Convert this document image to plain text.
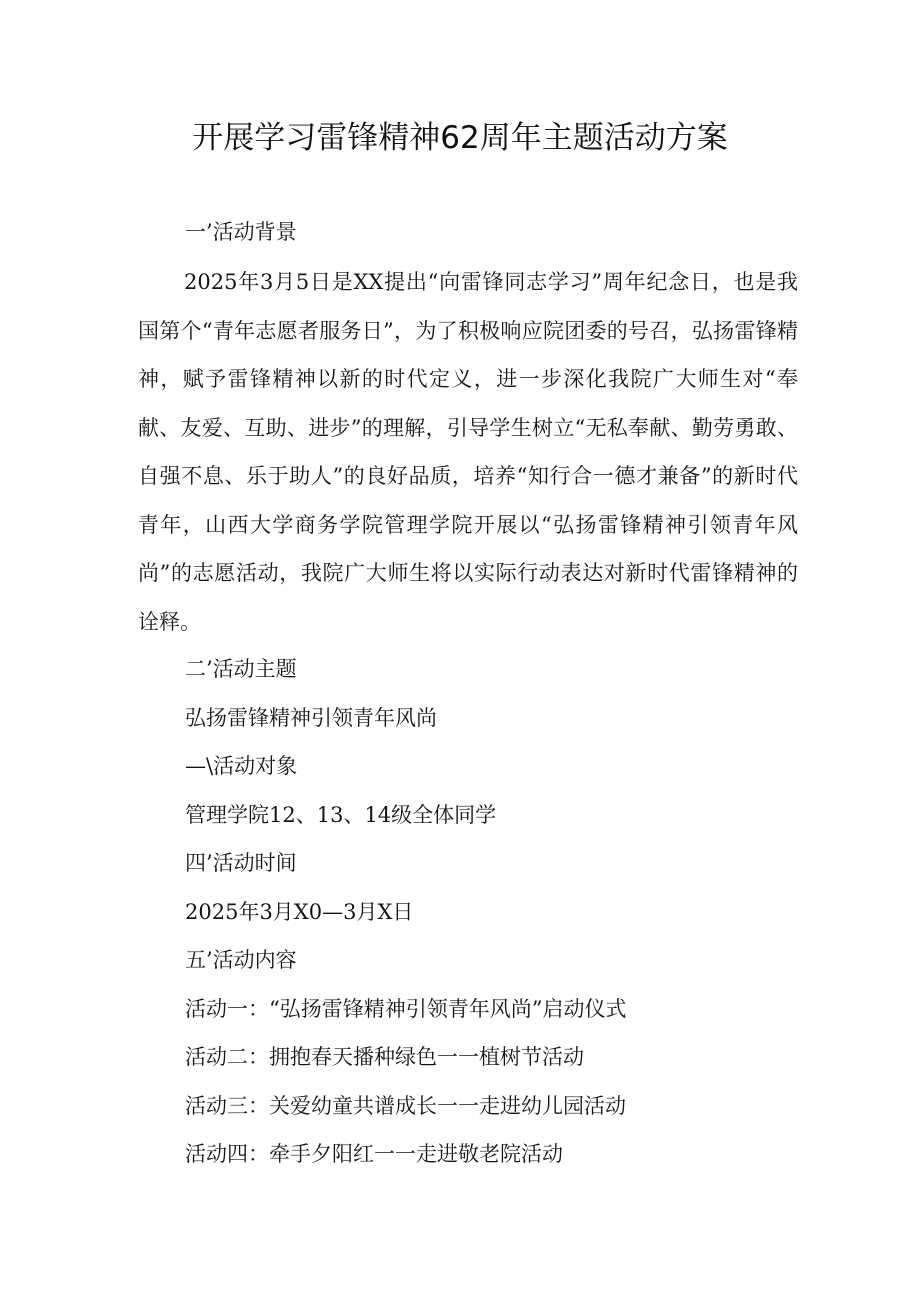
开展学习雷锋精神62周年主题活动方案
一’活动背景
2025年3月5日是XX提出“向雷锋同志学习”周年纪念日，也是我国第个“青年志愿者服务日”，为了积极响应院团委的号召，弘扬雷锋精神，赋予雷锋精神以新的时代定义，进一步深化我院广大师生对“奉献、友爱、互助、进步”的理解，引导学生树立“无私奉献、勤劳勇敢、自强不息、乐于助人”的良好品质，培养“知行合一德才兼备”的新时代青年，山西大学商务学院管理学院开展以“弘扬雷锋精神引领青年风尚”的志愿活动，我院广大师生将以实际行动表达对新时代雷锋精神的诠释。
二’活动主题
弘扬雷锋精神引领青年风尚
—\活动对象
管理学院12、13、14级全体同学
四’活动时间
2025年3月X0—3月X日
五’活动内容
活动一：“弘扬雷锋精神引领青年风尚”启动仪式
活动二：拥抱春天播种绿色一一植树节活动
活动三：关爱幼童共谱成长一一走进幼儿园活动
活动四：牵手夕阳红一一走进敬老院活动
